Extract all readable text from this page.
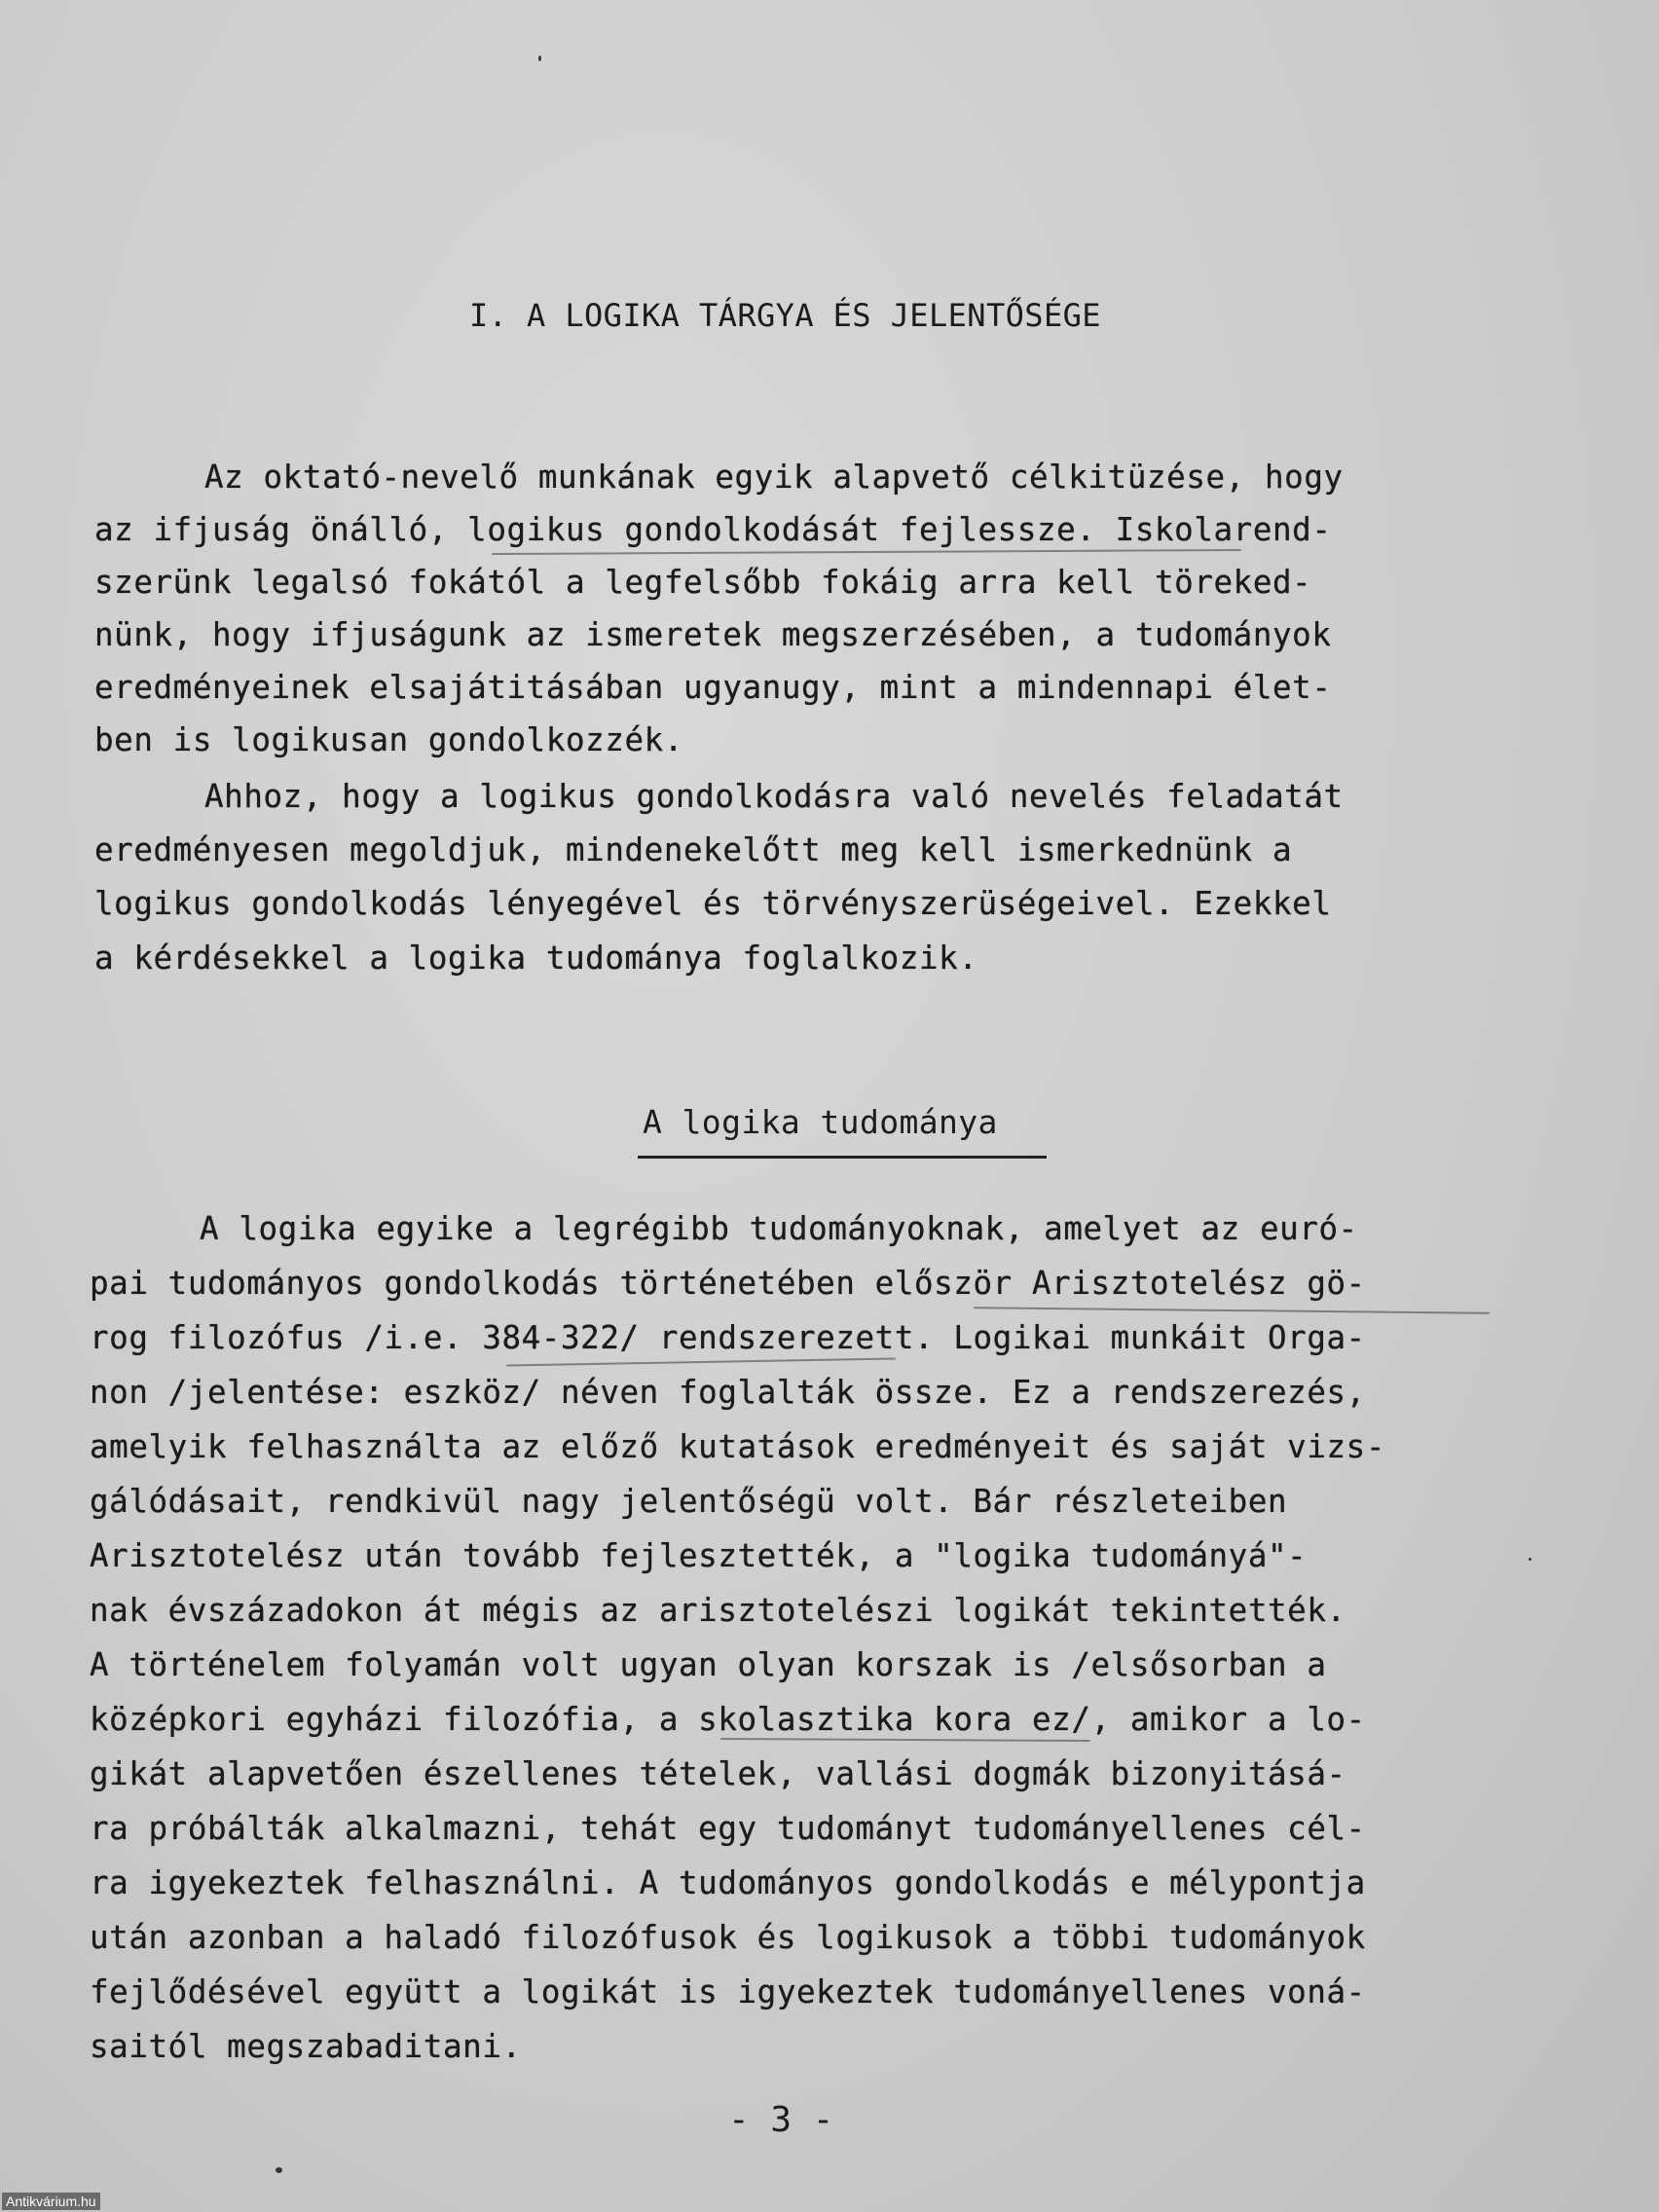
I. A LOGIKA TÁRGYA ÉS JELENTŐSÉGE
Az oktató-nevelő munkának egyik alapvető célkitüzése, hogy
az ifjuság önálló, logikus gondolkodását fejlessze. Iskolarend-
szerünk legalsó fokától a legfelsőbb fokáig arra kell töreked-
nünk, hogy ifjuságunk az ismeretek megszerzésében, a tudományok
eredményeinek elsajátitásában ugyanugy, mint a mindennapi élet-
ben is logikusan gondolkozzék.
Ahhoz, hogy a logikus gondolkodásra való nevelés feladatát
eredményesen megoldjuk, mindenekelőtt meg kell ismerkednünk a
logikus gondolkodás lényegével és törvényszerüségeivel. Ezekkel
a kérdésekkel a logika tudománya foglalkozik.
A logika tudománya
A logika egyike a legrégibb tudományoknak, amelyet az euró-
pai tudományos gondolkodás történetében először Arisztotelész gö-
rog filozófus /i.e. 384-322/ rendszerezett. Logikai munkáit Orga-
non /jelentése: eszköz/ néven foglalták össze. Ez a rendszerezés,
amelyik felhasználta az előző kutatások eredményeit és saját vizs-
gálódásait, rendkivül nagy jelentőségü volt. Bár részleteiben
Arisztotelész után tovább fejlesztették, a "logika tudományá"-
nak évszázadokon át mégis az arisztotelészi logikát tekintették.
A történelem folyamán volt ugyan olyan korszak is /elsősorban a
középkori egyházi filozófia, a skolasztika kora ez/, amikor a lo-
gikát alapvetően észellenes tételek, vallási dogmák bizonyitásá-
ra próbálták alkalmazni, tehát egy tudományt tudományellenes cél-
ra igyekeztek felhasználni. A tudományos gondolkodás e mélypontja
után azonban a haladó filozófusok és logikusok a többi tudományok
fejlődésével együtt a logikát is igyekeztek tudományellenes voná-
saitól megszabaditani.
- 3 -
Antikvárium.hu
